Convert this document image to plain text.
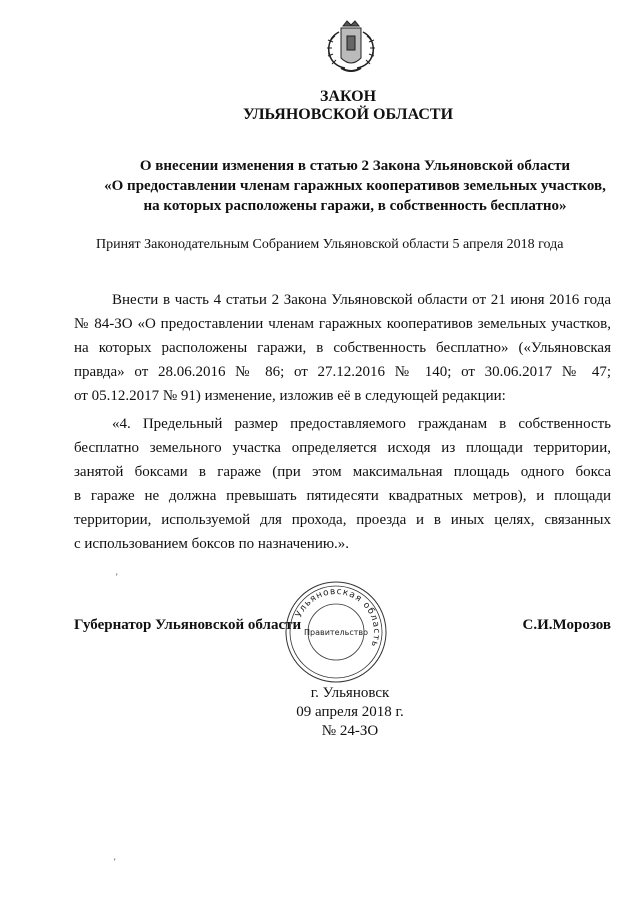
ЗАКОН
УЛЬЯНОВСКОЙ ОБЛАСТИ
О внесении изменения в статью 2 Закона Ульяновской области
«О предоставлении членам гаражных кооперативов земельных участков,
на которых расположены гаражи, в собственность бесплатно»
Принят Законодательным Собранием Ульяновской области 5 апреля 2018 года
Внести в часть 4 статьи 2 Закона Ульяновской области от 21 июня 2016 года
№ 84-ЗО «О предоставлении членам гаражных кооперативов земельных участков,
на которых расположены гаражи, в собственность бесплатно» («Ульяновская
правда» от 28.06.2016 № 86; от 27.12.2016 № 140; от 30.06.2017 № 47;
от 05.12.2017 № 91) изменение, изложив её в следующей редакции:
«4. Предельный размер предоставляемого гражданам в собственность
бесплатно земельного участка определяется исходя из площади территории,
занятой боксами в гараже (при этом максимальная площадь одного бокса
в гараже не должна превышать пятидесяти квадратных метров), и площади
территории, используемой для прохода, проезда и в иных целях, связанных
с использованием боксов по назначению.».
'
Губернатор Ульяновской области
Ульяновская область
Правительство	С.И.Морозов
г. Ульяновск
09 апреля 2018 г.
№ 24-ЗО
'
